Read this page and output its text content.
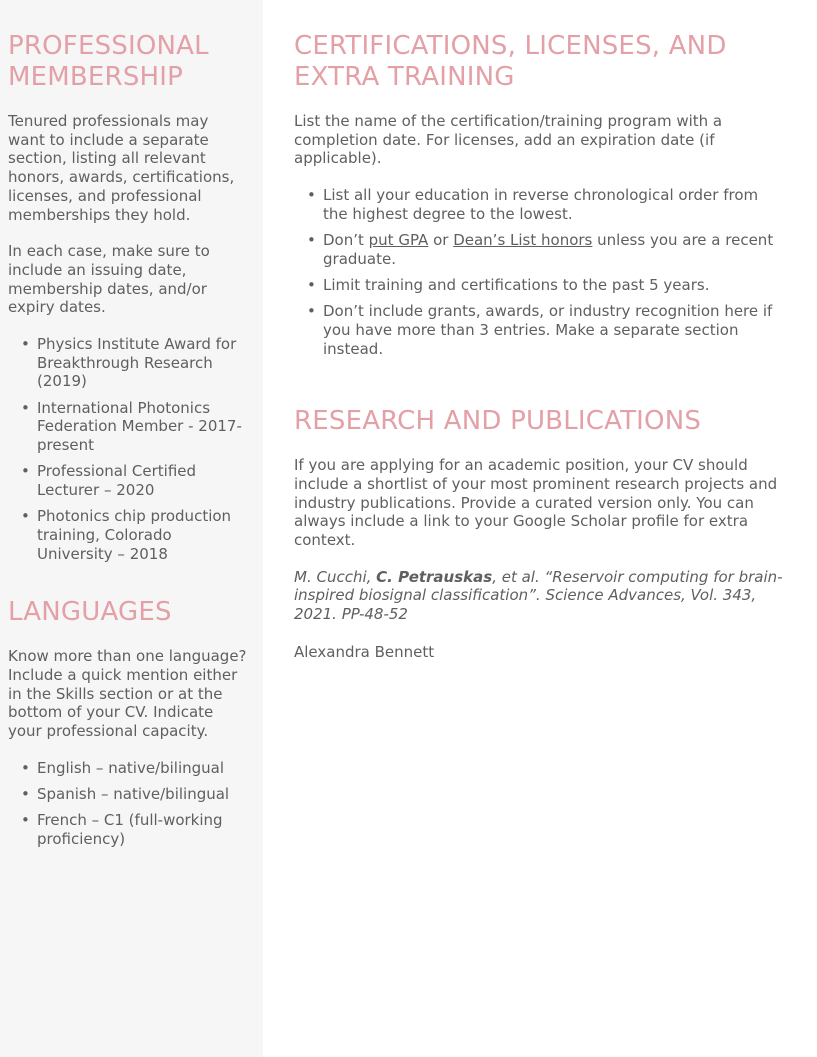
PROFESSIONAL MEMBERSHIP

Tenured professionals may want to include a separate section, listing all relevant honors, awards, certifications, licenses, and professional memberships they hold.

In each case, make sure to include an issuing date, membership dates, and/or expiry dates.

• Physics Institute Award for Breakthrough Research (2019)
• International Photonics Federation Member - 2017-present
• Professional Certified Lecturer – 2020
• Photonics chip production training, Colorado University – 2018
LANGUAGES

Know more than one language? Include a quick mention either in the Skills section or at the bottom of your CV. Indicate your professional capacity.

• English – native/bilingual
• Spanish – native/bilingual
• French – C1 (full-working proficiency)
CERTIFICATIONS, LICENSES, AND EXTRA TRAINING

List the name of the certification/training program with a completion date. For licenses, add an expiration date (if applicable).

• List all your education in reverse chronological order from the highest degree to the lowest.
• Don’t put GPA or Dean’s List honors unless you are a recent graduate.
• Limit training and certifications to the past 5 years.
• Don’t include grants, awards, or industry recognition here if you have more than 3 entries. Make a separate section instead.
RESEARCH AND PUBLICATIONS

If you are applying for an academic position, your CV should include a shortlist of your most prominent research projects and industry publications. Provide a curated version only. You can always include a link to your Google Scholar profile for extra context.

M. Cucchi, C. Petrauskas, et al. “Reservoir computing for brain-inspired biosignal classification”. Science Advances, Vol. 343, 2021. PP-48-52

Alexandra Bennett
